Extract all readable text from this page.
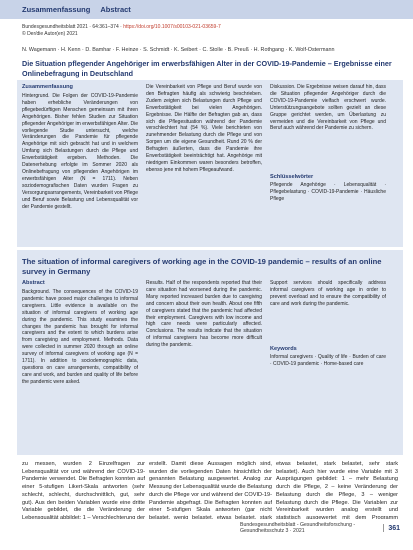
Zusammenfassung Abstract
Bundesgesundheitsblatt 2021 · 64:361–374 · https://doi.org/10.1007/s00103-021-03659-7
© Der/die Autor(en) 2021
N. Wagemann · H. Kenn · D. Bamhar · F. Heinze · S. Schmidt · K. Seibert · C. Stolle · B. Preuß · H. Rothgang · K. Wolf-Ostermann
Die Situation pflegender Angehöriger im erwerbsfähigen Alter in der COVID-19-Pandemie – Ergebnisse einer Onlinebefragung in Deutschland
Zusammenfassung
Hintergrund. Die Folgen der COVID-19-Pandemie haben erhebliche Veränderungen von pflegebedürftigen Menschen gemeinsam mit ihren Angehörigen. Bisher fehlen Studien zur Situation pflegender Angehöriger im erwerbsfähigen Alter. Die vorliegende Studie untersucht, welche Veränderungen die Pandemie für pflegende Angehörige mit sich gebracht hat und in welchem Umfang sich Belastungen durch die Pflege und Erwerbstätigkeit ergeben. Methoden. Die Datenerhebung erfolgte im Sommer 2020 als Onlinebefragung von pflegenden Angehörigen im erwerbsfähigen Alter (N = 1711). Neben soziodemografischen Daten wurden Fragen zu Versorgungsarrangements, Vereinbarkeit von Pflege und Beruf sowie Belastung und Lebensqualität vor der Pandemie gestellt.
Die Vereinbarkeit von Pflege und Beruf wurde von den Befragten häufig als schwierig beschrieben. Zudem zeigten sich Belastungen durch Pflege und Erwerbstätigkeit bei vielen Angehörigen. Ergebnisse. Die Hälfte der Befragten gab an, dass sich die Pflegesituation während der Pandemie verschlechtert hat (54 %). Viele berichteten von zunehmender Belastung durch die Pflege und von Sorgen um die eigene Gesundheit. Rund 20 % der Befragten äußerten, dass die Pandemie ihre Erwerbstätigkeit beeinträchtigt hat. Angehörige mit niedrigem Einkommen waren besonders betroffen, ebenso jene mit hohem Pflegeaufwand.
Diskussion. Die Ergebnisse weisen darauf hin, dass die Situation pflegender Angehöriger durch die COVID-19-Pandemie vielfach erschwert wurde. Unterstützungsangebote sollten gezielt an diese Gruppe gerichtet werden, um Überlastung zu vermeiden und die Vereinbarkeit von Pflege und Beruf auch während der Pandemie zu sichern.
Schlüsselwörter
Pflegende Angehörige · Lebensqualität · Pflegebelastung · COVID-19-Pandemie · Häusliche Pflege
The situation of informal caregivers of working age in the COVID-19 pandemic – results of an online survey in Germany
Abstract
Background. The consequences of the COVID-19 pandemic have posed major challenges to informal caregivers. Little evidence is available on the situation of informal caregivers of working age during the pandemic. This study examines the changes the pandemic has brought for informal caregivers and the extent to which burdens arise from caregiving and employment. Methods. Data were collected in summer 2020 through an online survey of informal caregivers of working age (N = 1711). In addition to sociodemographic data, questions on care arrangements, compatibility of care and work, and burden and quality of life before the pandemic were asked.
Results. Half of the respondents reported that their care situation had worsened during the pandemic. Many reported increased burden due to caregiving and concern about their own health. About one fifth of caregivers stated that the pandemic had affected their employment. Caregivers with low income and high care needs were particularly affected. Conclusions. The results indicate that the situation of informal caregivers has become more difficult during the pandemic.
Support services should specifically address informal caregivers of working age in order to prevent overload and to ensure the compatibility of care and work during the pandemic.
Keywords
Informal caregivers · Quality of life · Burden of care · COVID-19 pandemic · Home-based care
zu messen, wurden 2 Einzelfragen zur Lebensqualität vor und während der COVID-19-Pandemie verwendet. Die Befragten konnten auf einer 5-stufigen Likert-Skala antworten (sehr schlecht, schlecht, durchschnittlich, gut, sehr gut). Aus den beiden Variablen wurde eine dritte Variable gebildet, die die Veränderung der Lebensqualität abbildet: 1 – Verschlechterung der
erstellt. Damit diese Aussagen möglich sind, wurden die vorliegenden Daten hinsichtlich der genannten Belastung ausgewertet. Analog zur Messung der Lebensqualität wurde die Belastung durch die Pflege vor und während der COVID-19-Pandemie abgefragt. Die Befragten konnten auf einer 5-stufigen Skala antworten (gar nicht belastet, wenig belastet, etwas belastet, stark
etwas belastet, stark belastet, sehr stark belastet). Auch hier wurde eine Variable mit 3 Ausprägungen gebildet: 1 – mehr Belastung durch die Pflege, 2 – keine Veränderung der Belastung durch die Pflege, 3 – weniger Belastung durch die Pflege. Die Variablen zur Vereinbarkeit wurden analog erstellt und statistisch ausgewertet mit dem Programm
Bundesgesundheitsblatt - Gesundheitsforschung - Gesundheitsschutz 3 · 2021	361
